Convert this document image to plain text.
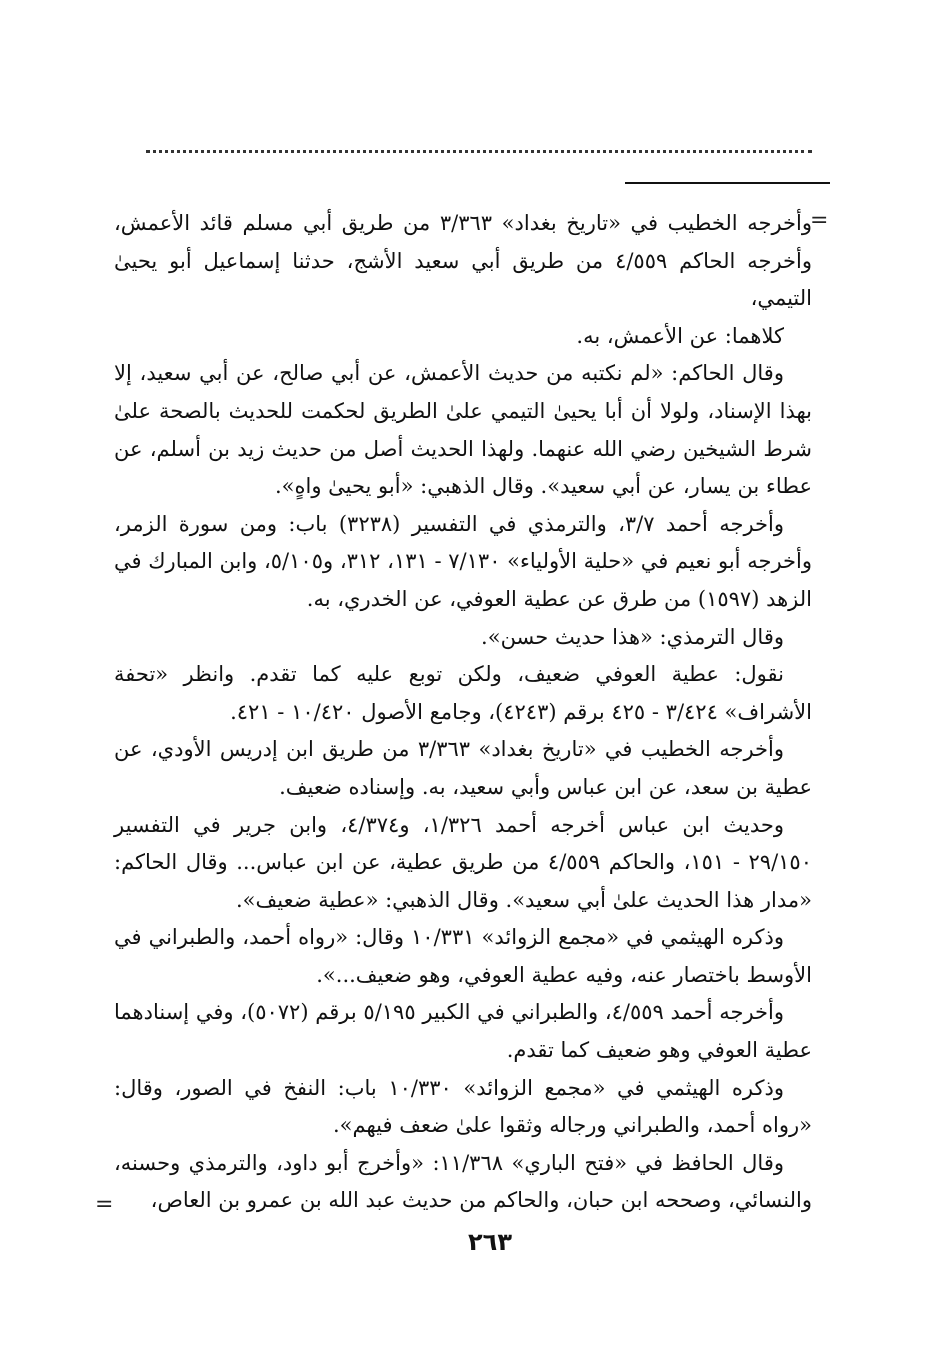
=

وأخرجه الخطيب في «تاريخ بغداد» ٣/٣٦٣ من طريق أبي مسلم قائد الأعمش، وأخرجه الحاكم ٤/٥٥٩ من طريق أبي سعيد الأشج، حدثنا إسماعيل أبو يحيىٰ التيمي،

كلاهما: عن الأعمش، به.

وقال الحاكم: «لم نكتبه من حديث الأعمش، عن أبي صالح، عن أبي سعيد، إلا بهذا الإسناد، ولولا أن أبا يحيىٰ التيمي علىٰ الطريق لحكمت للحديث بالصحة علىٰ شرط الشيخين رضي الله عنهما. ولهذا الحديث أصل من حديث زيد بن أسلم، عن عطاء بن يسار، عن أبي سعيد». وقال الذهبي: «أبو يحيىٰ واهٍ».

وأخرجه أحمد ٣/٧، والترمذي في التفسير (٣٢٣٨) باب: ومن سورة الزمر، وأخرجه أبو نعيم في «حلية الأولياء» ٧/١٣٠ - ١٣١، ٣١٢، و٥/١٠٥، وابن المبارك في الزهد (١٥٩٧) من طرق عن عطية العوفي، عن الخدري، به.

وقال الترمذي: «هذا حديث حسن».

نقول: عطية العوفي ضعيف، ولكن توبع عليه كما تقدم. وانظر «تحفة الأشراف» ٣/٤٢٤ - ٤٢٥ برقم (٤٢٤٣)، وجامع الأصول ١٠/٤٢٠ - ٤٢١.

وأخرجه الخطيب في «تاريخ بغداد» ٣/٣٦٣ من طريق ابن إدريس الأودي، عن عطية بن سعد، عن ابن عباس وأبي سعيد، به. وإسناده ضعيف.

وحديث ابن عباس أخرجه أحمد ١/٣٢٦، و٤/٣٧٤، وابن جرير في التفسير ٢٩/١٥٠ - ١٥١، والحاكم ٤/٥٥٩ من طريق عطية، عن ابن عباس... وقال الحاكم: «مدار هذا الحديث علىٰ أبي سعيد». وقال الذهبي: «عطية ضعيف».

وذكره الهيثمي في «مجمع الزوائد» ١٠/٣٣١ وقال: «رواه أحمد، والطبراني في الأوسط باختصار عنه، وفيه عطية العوفي، وهو ضعيف...».

وأخرجه أحمد ٤/٥٥٩، والطبراني في الكبير ٥/١٩٥ برقم (٥٠٧٢)، وفي إسنادهما عطية العوفي وهو ضعيف كما تقدم.

وذكره الهيثمي في «مجمع الزوائد» ١٠/٣٣٠ باب: النفخ في الصور، وقال: «رواه أحمد، والطبراني ورجاله وثقوا علىٰ ضعف فيهم».

وقال الحافظ في «فتح الباري» ١١/٣٦٨: «وأخرج أبو داود، والترمذي وحسنه، والنسائي، وصححه ابن حبان، والحاكم من حديث عبد الله بن عمرو بن العاص،

=
٢٦٣
